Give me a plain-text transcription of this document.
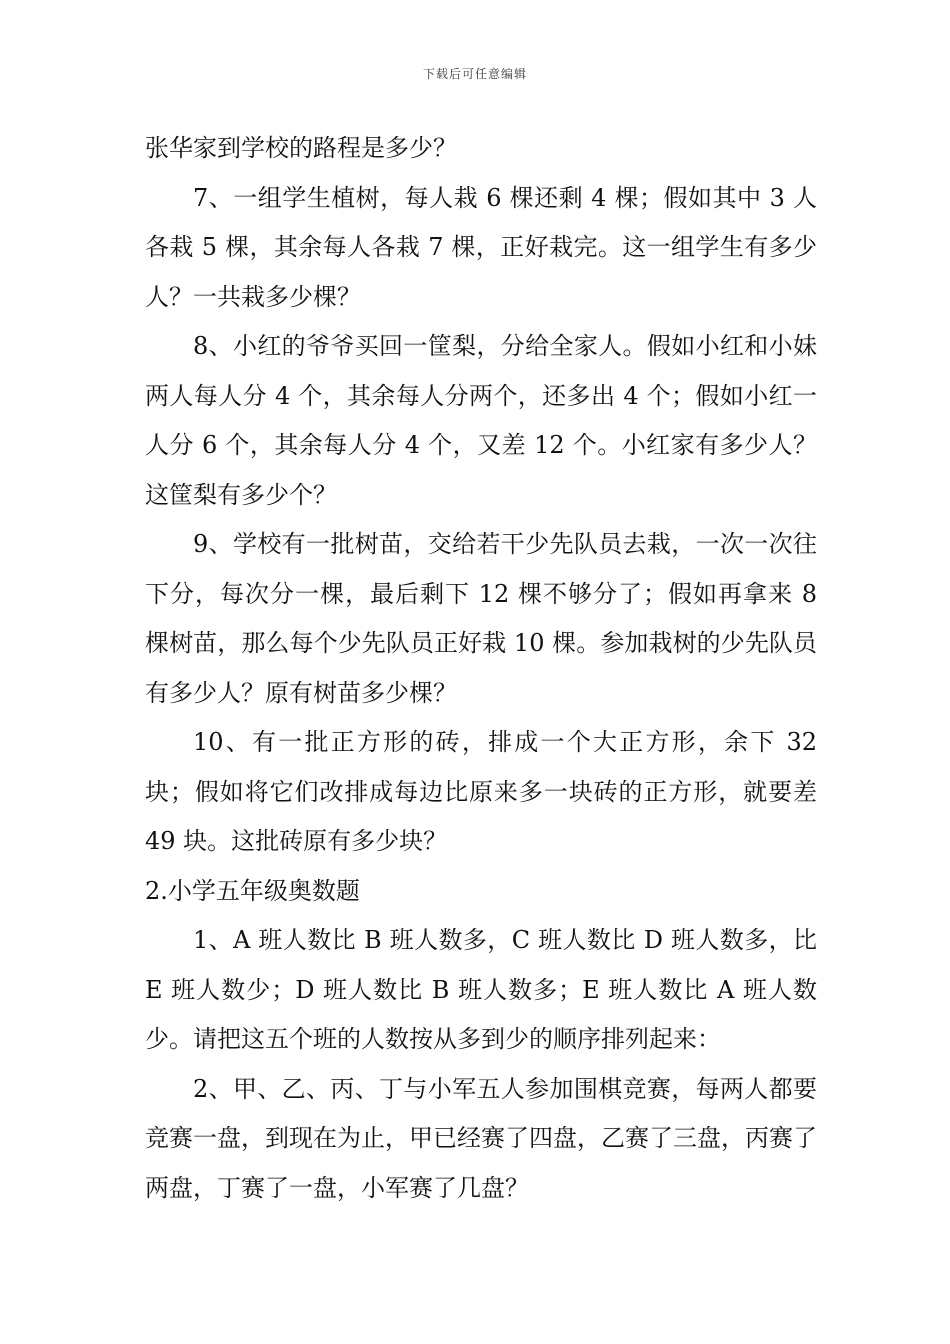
下载后可任意编辑

张华家到学校的路程是多少？

7、一组学生植树，每人栽 6 棵还剩 4 棵；假如其中 3 人各栽 5 棵，其余每人各栽 7 棵，正好栽完。这一组学生有多少人？一共栽多少棵？

8、小红的爷爷买回一筐梨，分给全家人。假如小红和小妹两人每人分 4 个，其余每人分两个，还多出 4 个；假如小红一人分 6 个，其余每人分 4 个，又差 12 个。小红家有多少人？这筐梨有多少个？

9、学校有一批树苗，交给若干少先队员去栽，一次一次往下分，每次分一棵，最后剩下 12 棵不够分了；假如再拿来 8 棵树苗，那么每个少先队员正好栽 10 棵。参加栽树的少先队员有多少人？原有树苗多少棵？

10、有一批正方形的砖，排成一个大正方形，余下 32 块；假如将它们改排成每边比原来多一块砖的正方形，就要差 49 块。这批砖原有多少块？

2.小学五年级奥数题

1、A 班人数比 B 班人数多，C 班人数比 D 班人数多，比 E 班人数少；D 班人数比 B 班人数多；E 班人数比 A 班人数少。请把这五个班的人数按从多到少的顺序排列起来：

2、甲、乙、丙、丁与小军五人参加围棋竞赛，每两人都要竞赛一盘，到现在为止，甲已经赛了四盘，乙赛了三盘，丙赛了两盘，丁赛了一盘，小军赛了几盘？
